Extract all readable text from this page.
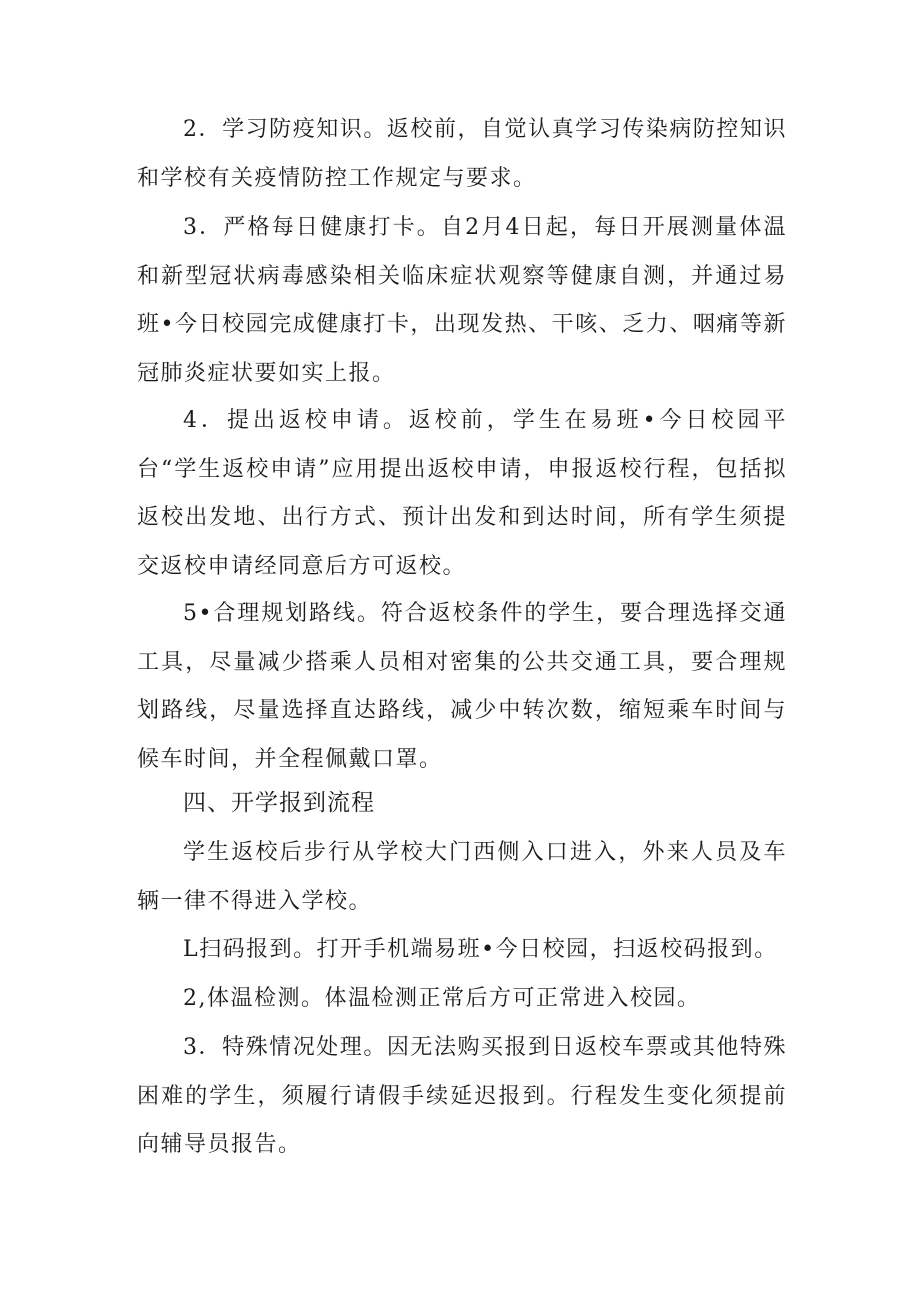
2．学习防疫知识。返校前，自觉认真学习传染病防控知识和学校有关疫情防控工作规定与要求。

3．严格每日健康打卡。自2月4日起，每日开展测量体温和新型冠状病毒感染相关临床症状观察等健康自测，并通过易班•今日校园完成健康打卡，出现发热、干咳、乏力、咽痛等新冠肺炎症状要如实上报。

4．提出返校申请。返校前，学生在易班•今日校园平台“学生返校申请”应用提出返校申请，申报返校行程，包括拟返校出发地、出行方式、预计出发和到达时间，所有学生须提交返校申请经同意后方可返校。

5•合理规划路线。符合返校条件的学生，要合理选择交通工具，尽量减少搭乘人员相对密集的公共交通工具，要合理规划路线，尽量选择直达路线，减少中转次数，缩短乘车时间与候车时间，并全程佩戴口罩。

四、开学报到流程

学生返校后步行从学校大门西侧入口进入，外来人员及车辆一律不得进入学校。

L扫码报到。打开手机端易班•今日校园，扫返校码报到。

2,体温检测。体温检测正常后方可正常进入校园。

3．特殊情况处理。因无法购买报到日返校车票或其他特殊困难的学生，须履行请假手续延迟报到。行程发生变化须提前向辅导员报告。
